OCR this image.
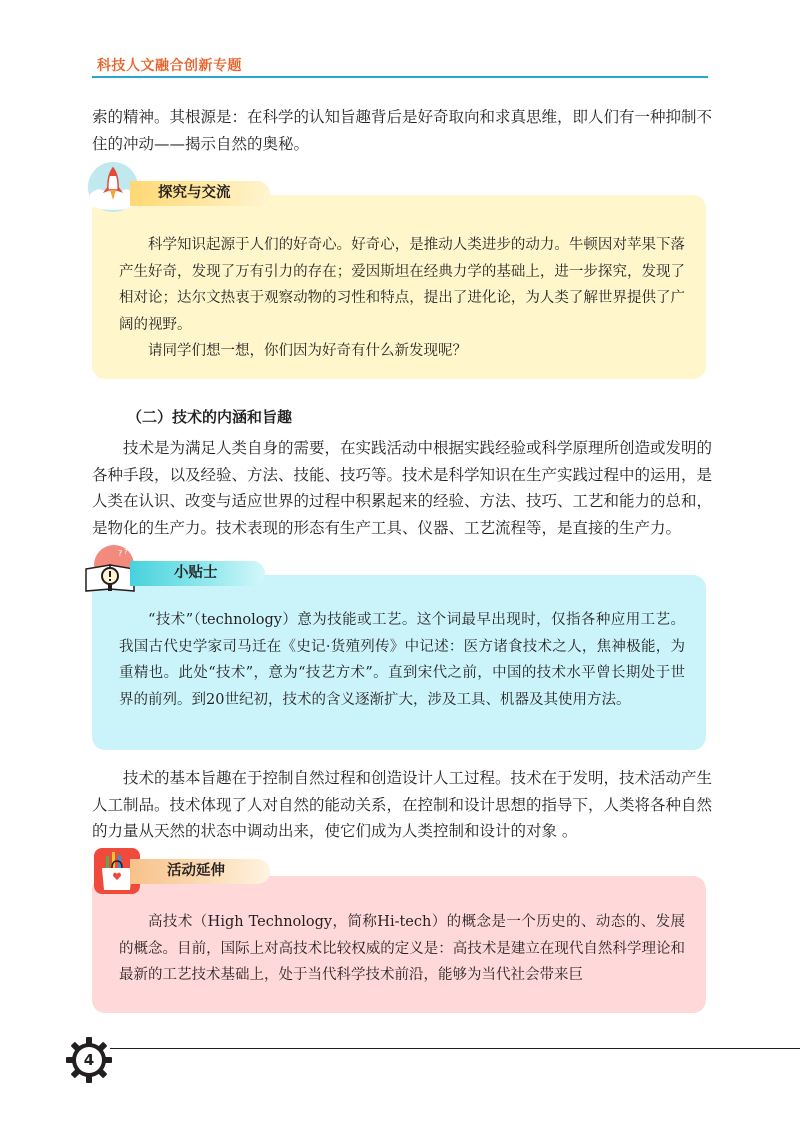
科技人文融合创新专题

索的精神。其根源是：在科学的认知旨趣背后是好奇取向和求真思维，即人们有一种抑制不住的冲动——揭示自然的奥秘。

探究与交流

科学知识起源于人们的好奇心。好奇心，是推动人类进步的动力。牛顿因对苹果下落产生好奇，发现了万有引力的存在；爱因斯坦在经典力学的基础上，进一步探究，发现了相对论；达尔文热衷于观察动物的习性和特点，提出了进化论，为人类了解世界提供了广阔的视野。

请同学们想一想，你们因为好奇有什么新发现呢？

（二）技术的内涵和旨趣

技术是为满足人类自身的需要，在实践活动中根据实践经验或科学原理所创造或发明的各种手段，以及经验、方法、技能、技巧等。技术是科学知识在生产实践过程中的运用，是人类在认识、改变与适应世界的过程中积累起来的经验、方法、技巧、工艺和能力的总和，是物化的生产力。技术表现的形态有生产工具、仪器、工艺流程等，是直接的生产力。

? ?
小贴士

“技术”（technology）意为技能或工艺。这个词最早出现时，仅指各种应用工艺。我国古代史学家司马迁在《史记·货殖列传》中记述：医方诸食技术之人，焦神极能，为重精也。此处“技术”，意为“技艺方术”。直到宋代之前，中国的技术水平曾长期处于世界的前列。到20世纪初，技术的含义逐渐扩大，涉及工具、机器及其使用方法。

技术的基本旨趣在于控制自然过程和创造设计人工过程。技术在于发明，技术活动产生人工制品。技术体现了人对自然的能动关系，在控制和设计思想的指导下，人类将各种自然的力量从天然的状态中调动出来，使它们成为人类控制和设计的对象 。

活动延伸

高技术（High Technology，简称Hi-tech）的概念是一个历史的、动态的、发展的概念。目前，国际上对高技术比较权威的定义是：高技术是建立在现代自然科学理论和最新的工艺技术基础上，处于当代科学技术前沿，能够为当代社会带来巨

4
